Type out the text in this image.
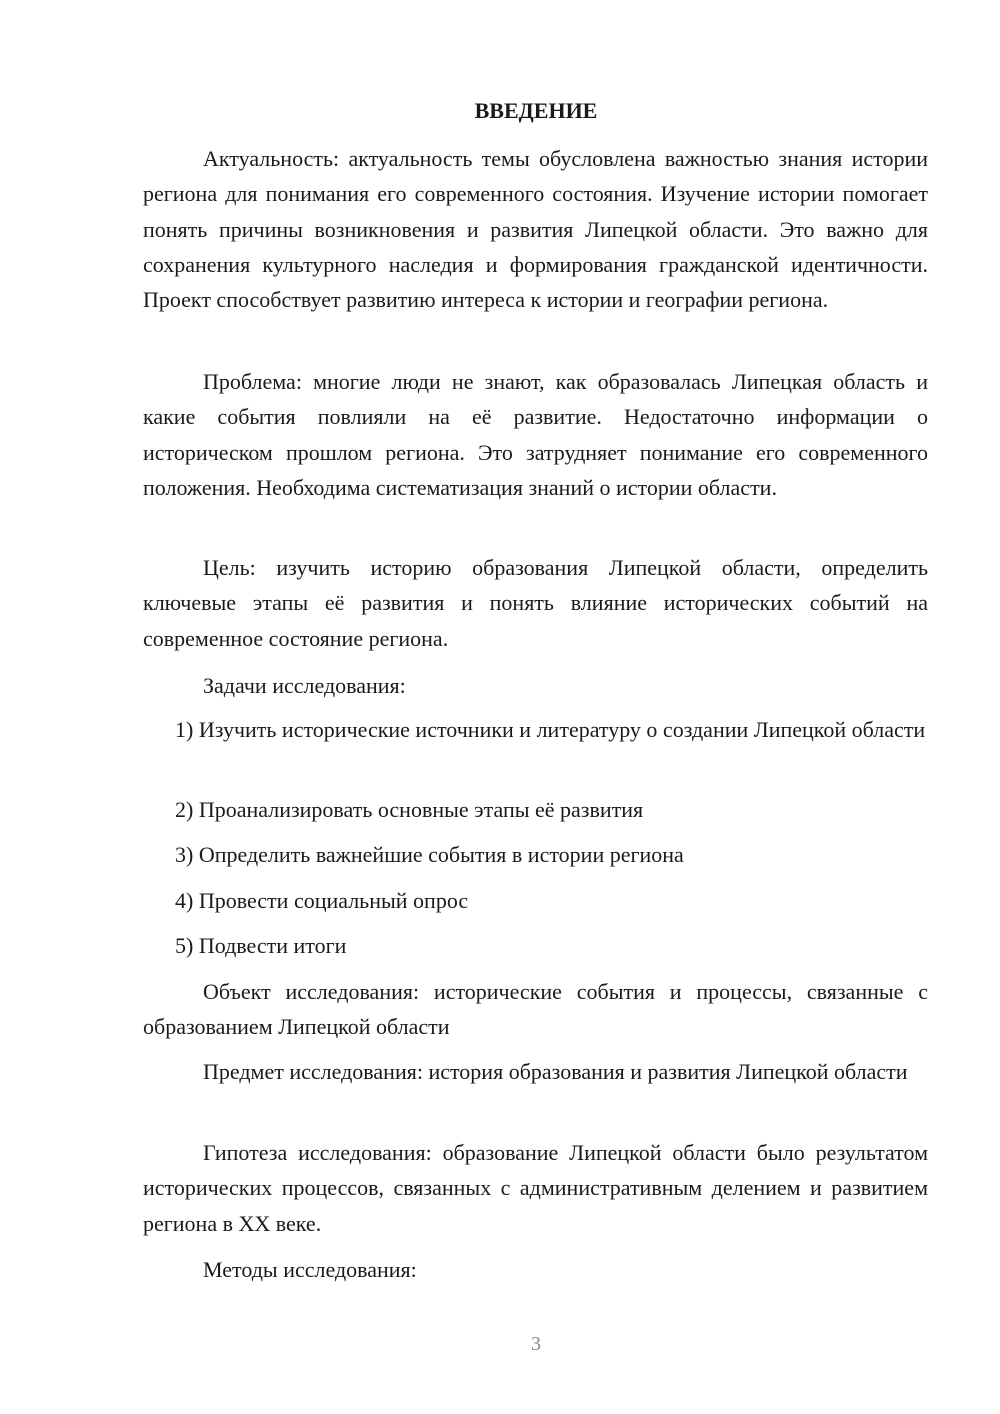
ВВЕДЕНИЕ

Актуальность: актуальность темы обусловлена важностью знания истории региона для понимания его современного состояния. Изучение истории помогает понять причины возникновения и развития Липецкой области. Это важно для сохранения культурного наследия и формирования гражданской идентичности. Проект способствует развитию интереса к истории и географии региона.

Проблема: многие люди не знают, как образовалась Липецкая область и какие события повлияли на её развитие. Недостаточно информации о историческом прошлом региона. Это затрудняет понимание его современного положения. Необходима систематизация знаний о истории области.

Цель: изучить историю образования Липецкой области, определить ключевые этапы её развития и понять влияние исторических событий на современное состояние региона.

Задачи исследования:

1) Изучить исторические источники и литературу о создании Липецкой области

2) Проанализировать основные этапы её развития

3) Определить важнейшие события в истории региона

4) Провести социальный опрос

5) Подвести итоги

Объект исследования: исторические события и процессы, связанные с образованием Липецкой области

Предмет исследования: история образования и развития Липецкой области

Гипотеза исследования: образование Липецкой области было результатом исторических процессов, связанных с административным делением и развитием региона в XX веке.

Методы исследования:

3
